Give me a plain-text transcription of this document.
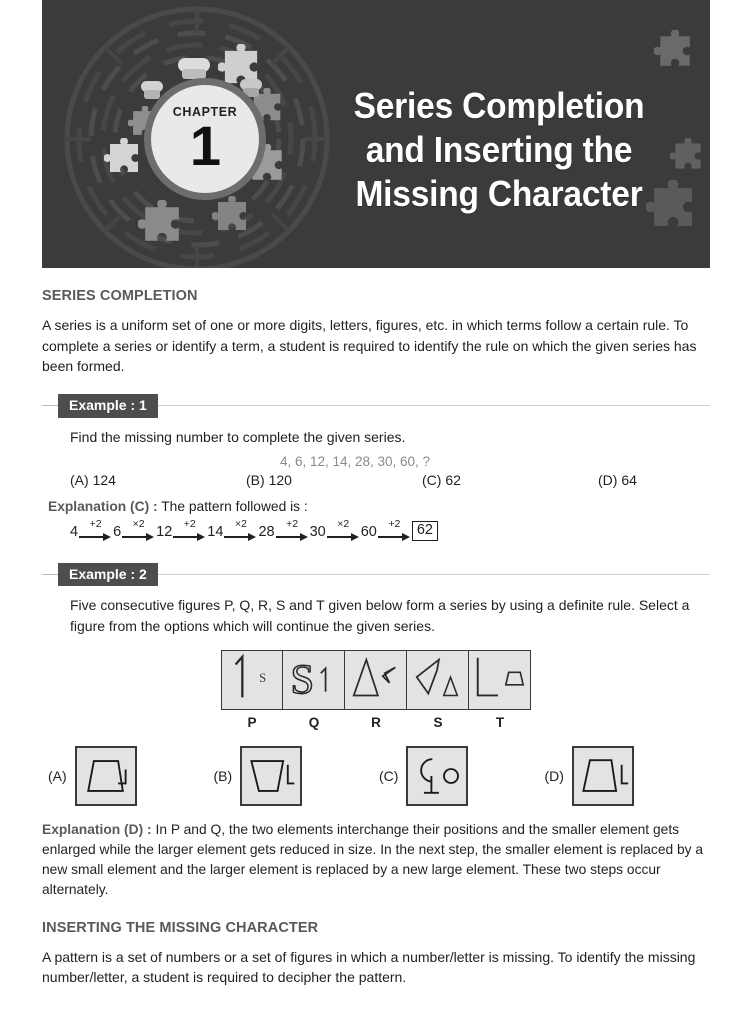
CHAPTER
1
Series Completion
and Inserting the
Missing Character
SERIES COMPLETION

A series is a uniform set of one or more digits, letters, figures, etc. in which terms follow a certain rule. To complete a series or identify a term, a student is required to identify the rule on which the given series has been formed.

Example : 1

Find the missing number to complete the given series.

4, 6, 12, 14, 28, 30, 60, ?
(A) 124	(B) 120	(C) 62	(D) 64

Explanation (C) : The pattern followed is :

4
+2
6
×2
12
+2
14
×2
28
+2
30
×2
60
+2	62
Example : 2

Five consecutive figures P, Q, R, S and T given below form a series by using a definite rule. Select a figure from the options which will continue the given series.

S
P
S
Q	R	S	T
(A)	(B)	(C)	(D)

Explanation (D) : In P and Q, the two elements interchange their positions and the smaller element gets enlarged while the larger element gets reduced in size. In the next step, the smaller element is replaced by a new small element and the larger element is replaced by a new large element. These two steps occur alternately.

INSERTING THE MISSING CHARACTER

A pattern is a set of numbers or a set of figures in which a number/letter is missing. To identify the missing number/letter, a student is required to decipher the pattern.
